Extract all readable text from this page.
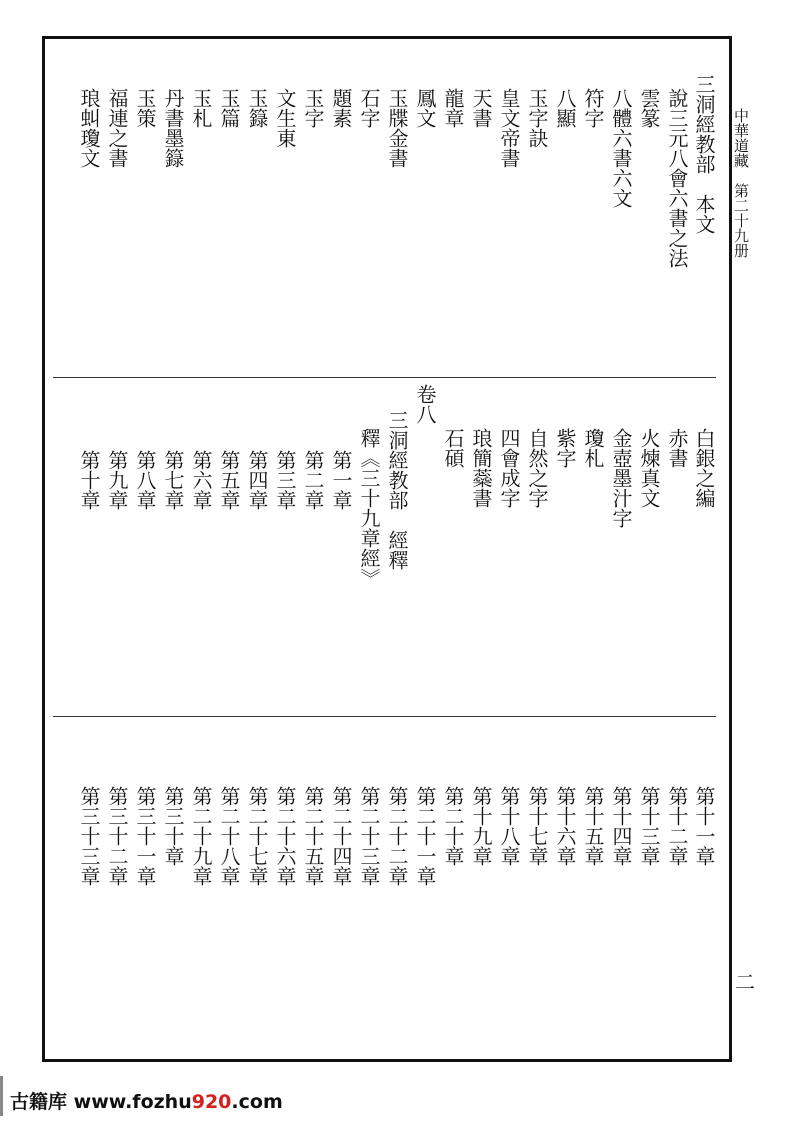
中華道藏　第二十九册
三洞經教部　本文
說三元八會六書之法
雲篆
八體六書六文
符字
八顯
玉字訣
皇文帝書
天書
龍章
鳳文
玉牒金書
石字
題素
玉字
文生東
玉籙
玉篇
玉札
丹書墨籙
玉策
福連之書
琅虯瓊文
白銀之編
赤書
火煉真文
金壺墨汁字
瓊札
紫字
自然之字
四會成字
琅簡蘂書
石碩
卷八
三洞經教部　經釋
釋《三十九章經》
第一章
第二章
第三章
第四章
第五章
第六章
第七章
第八章
第九章
第十章
第十一章
第十二章
第十三章
第十四章
第十五章
第十六章
第十七章
第十八章
第十九章
第二十章
第二十一章
第二十二章
第二十三章
第二十四章
第二十五章
第二十六章
第二十七章
第二十八章
第二十九章
第三十章
第三十一章
第三十二章
第三十三章
二
古籍库 www.fozhu920.com
